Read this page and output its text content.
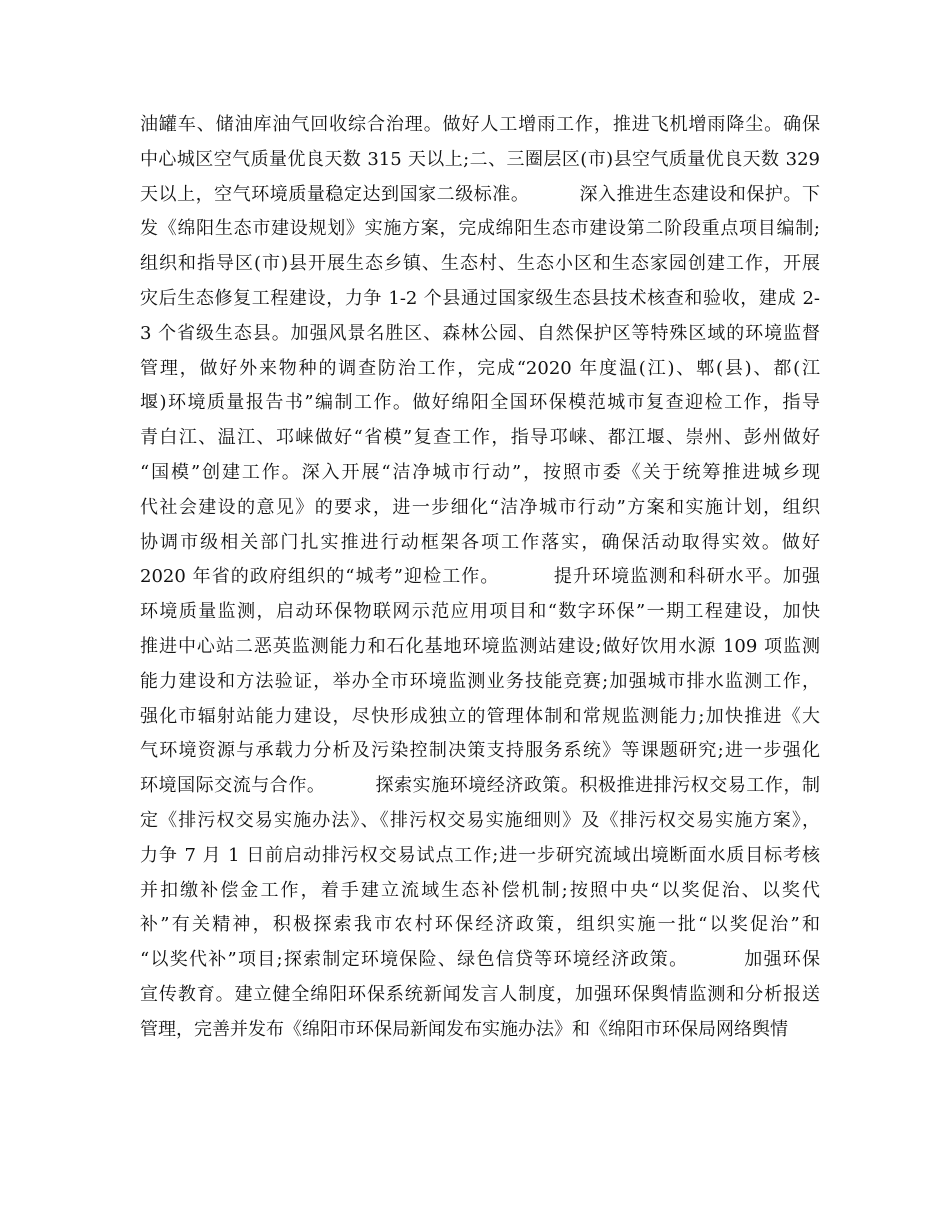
油罐车、储油库油气回收综合治理。做好人工增雨工作，推进飞机增雨降尘。确保
中心城区空气质量优良天数 315 天以上;二、三圈层区(市)县空气质量优良天数 329
天以上，空气环境质量稳定达到国家二级标准。        深入推进生态建设和保护。下
发《绵阳生态市建设规划》实施方案，完成绵阳生态市建设第二阶段重点项目编制;
组织和指导区(市)县开展生态乡镇、生态村、生态小区和生态家园创建工作，开展
灾后生态修复工程建设，力争 1-2 个县通过国家级生态县技术核查和验收，建成 2-
3 个省级生态县。加强风景名胜区、森林公园、自然保护区等特殊区域的环境监督
管理，做好外来物种的调查防治工作，完成“2020 年度温(江)、郫(县)、都(江
堰)环境质量报告书”编制工作。做好绵阳全国环保模范城市复查迎检工作，指导
青白江、温江、邛崃做好“省模”复查工作，指导邛崃、都江堰、崇州、彭州做好
“国模”创建工作。深入开展“洁净城市行动”，按照市委《关于统筹推进城乡现
代社会建设的意见》的要求，进一步细化“洁净城市行动”方案和实施计划，组织
协调市级相关部门扎实推进行动框架各项工作落实，确保活动取得实效。做好
2020 年省的政府组织的“城考”迎检工作。        提升环境监测和科研水平。加强
环境质量监测，启动环保物联网示范应用项目和“数字环保”一期工程建设，加快
推进中心站二恶英监测能力和石化基地环境监测站建设;做好饮用水源 109 项监测
能力建设和方法验证，举办全市环境监测业务技能竞赛;加强城市排水监测工作，
强化市辐射站能力建设，尽快形成独立的管理体制和常规监测能力;加快推进《大
气环境资源与承载力分析及污染控制决策支持服务系统》等课题研究;进一步强化
环境国际交流与合作。        探索实施环境经济政策。积极推进排污权交易工作，制
定《排污权交易实施办法》、《排污权交易实施细则》及《排污权交易实施方案》，
力争 7 月 1 日前启动排污权交易试点工作;进一步研究流域出境断面水质目标考核
并扣缴补偿金工作，着手建立流域生态补偿机制;按照中央“以奖促治、以奖代
补”有关精神，积极探索我市农村环保经济政策，组织实施一批“以奖促治”和
“以奖代补”项目;探索制定环境保险、绿色信贷等环境经济政策。        加强环保
宣传教育。建立健全绵阳环保系统新闻发言人制度，加强环保舆情监测和分析报送
管理，完善并发布《绵阳市环保局新闻发布实施办法》和《绵阳市环保局网络舆情
